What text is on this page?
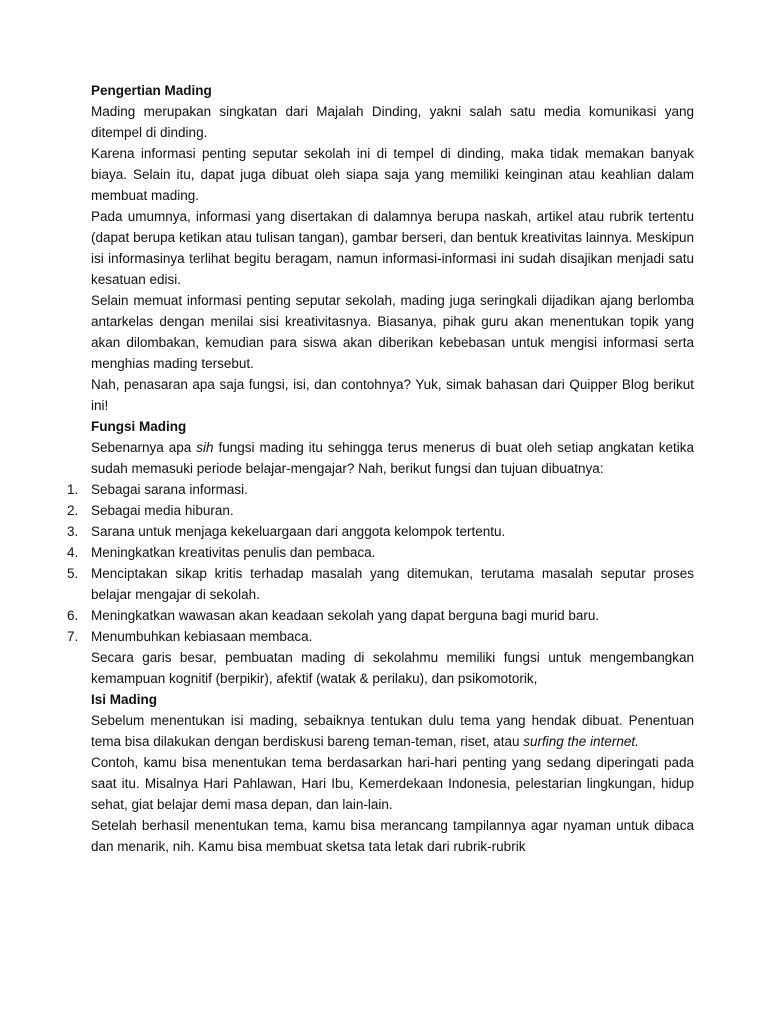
Pengertian Mading

Mading merupakan singkatan dari Majalah Dinding, yakni salah satu media komunikasi yang ditempel di dinding.

Karena informasi penting seputar sekolah ini di tempel di dinding, maka tidak memakan banyak biaya. Selain itu, dapat juga dibuat oleh siapa saja yang memiliki keinginan atau keahlian dalam membuat mading.

Pada umumnya, informasi yang disertakan di dalamnya berupa naskah, artikel atau rubrik tertentu (dapat berupa ketikan atau tulisan tangan), gambar berseri, dan bentuk kreativitas lainnya. Meskipun isi informasinya terlihat begitu beragam, namun informasi-informasi ini sudah disajikan menjadi satu kesatuan edisi.

Selain memuat informasi penting seputar sekolah, mading juga seringkali dijadikan ajang berlomba antarkelas dengan menilai sisi kreativitasnya. Biasanya, pihak guru akan menentukan topik yang akan dilombakan, kemudian para siswa akan diberikan kebebasan untuk mengisi informasi serta menghias mading tersebut.

Nah, penasaran apa saja fungsi, isi, dan contohnya? Yuk, simak bahasan dari Quipper Blog berikut ini!

Fungsi Mading

Sebenarnya apa sih fungsi mading itu sehingga terus menerus di buat oleh setiap angkatan ketika sudah memasuki periode belajar-mengajar? Nah, berikut fungsi dan tujuan dibuatnya:

1. Sebagai sarana informasi.
2. Sebagai media hiburan.
3. Sarana untuk menjaga kekeluargaan dari anggota kelompok tertentu.
4. Meningkatkan kreativitas penulis dan pembaca.
5. Menciptakan sikap kritis terhadap masalah yang ditemukan, terutama masalah seputar proses belajar mengajar di sekolah.
6. Meningkatkan wawasan akan keadaan sekolah yang dapat berguna bagi murid baru.
7. Menumbuhkan kebiasaan membaca.

Secara garis besar, pembuatan mading di sekolahmu memiliki fungsi untuk mengembangkan kemampuan kognitif (berpikir), afektif (watak & perilaku), dan psikomotorik,

Isi Mading

Sebelum menentukan isi mading, sebaiknya tentukan dulu tema yang hendak dibuat. Penentuan tema bisa dilakukan dengan berdiskusi bareng teman-teman, riset, atau surfing the internet.

Contoh, kamu bisa menentukan tema berdasarkan hari-hari penting yang sedang diperingati pada saat itu. Misalnya Hari Pahlawan, Hari Ibu, Kemerdekaan Indonesia, pelestarian lingkungan, hidup sehat, giat belajar demi masa depan, dan lain-lain.

Setelah berhasil menentukan tema, kamu bisa merancang tampilannya agar nyaman untuk dibaca dan menarik, nih. Kamu bisa membuat sketsa tata letak dari rubrik-rubrik
